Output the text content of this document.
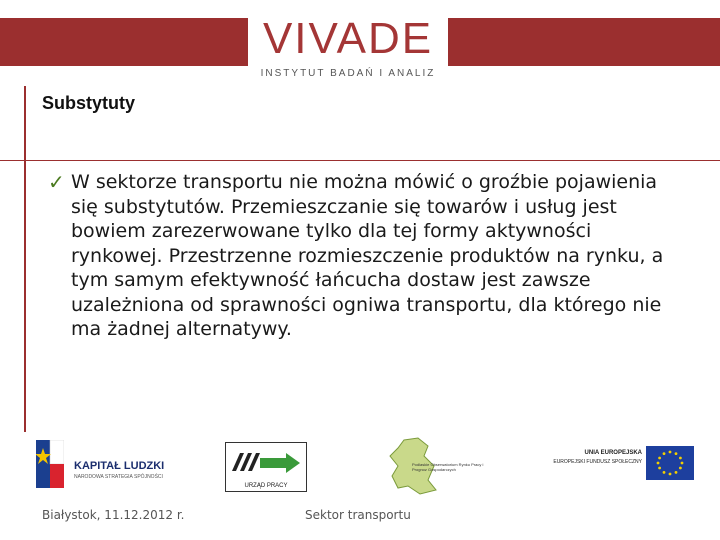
VIVADE
INSTYTUT BADAŃ I ANALIZ
Substytuty
✓ W sektorze transportu nie można mówić o groźbie pojawienia się substytutów. Przemieszczanie się towarów i usług jest bowiem zarezerwowane tylko dla tej formy aktywności rynkowej. Przestrzenne rozmieszczenie produktów na rynku, a tym samym efektywność łańcucha dostaw jest zawsze uzależniona od sprawności ogniwa transportu, dla którego nie ma żadnej alternatywy.
KAPITAŁ LUDZKI
NARODOWA STRATEGIA SPÓJNOŚCI
URZĄD PRACY
Podlaskie Obserwatorium Rynku Pracy i Prognoz Gospodarczych
UNIA EUROPEJSKA
EUROPEJSKI FUNDUSZ SPOŁECZNY
Białystok, 11.12.2012 r.	Sektor transportu
